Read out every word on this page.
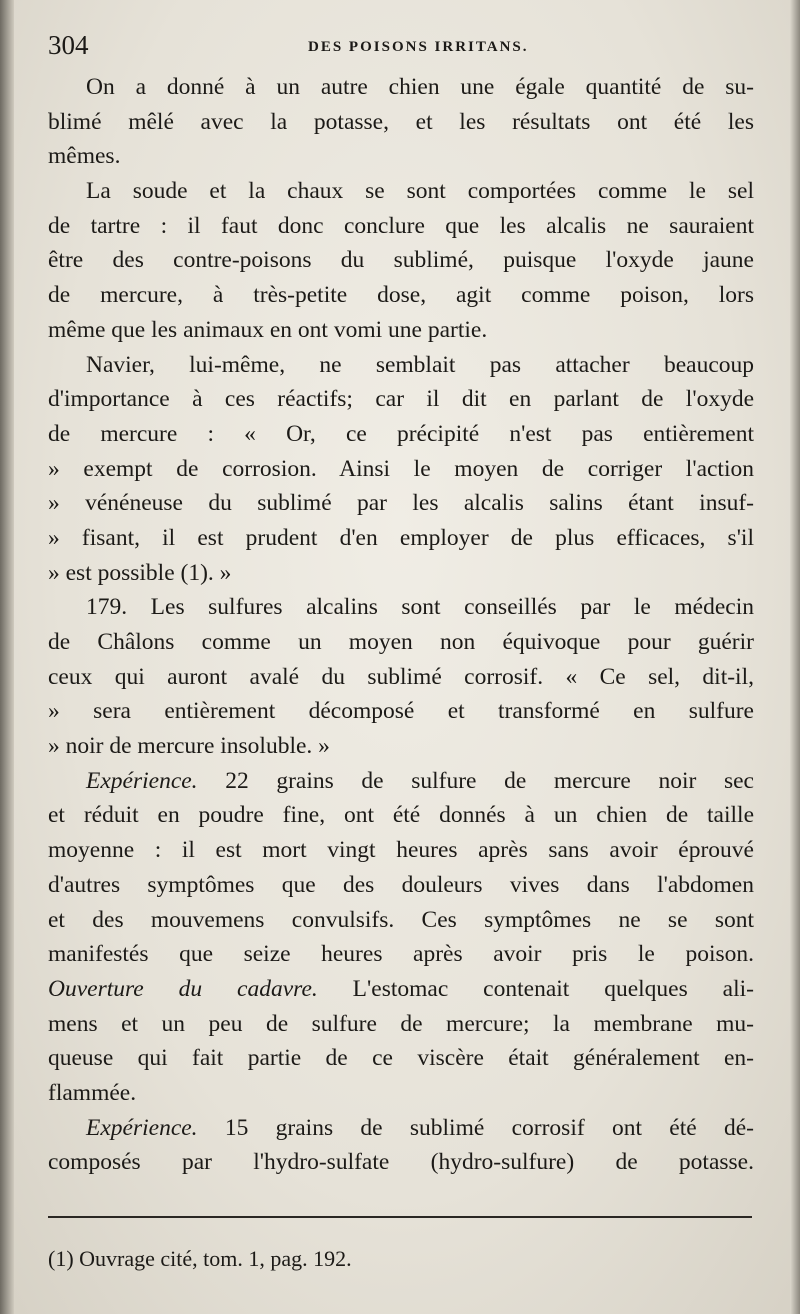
304	DES POISONS IRRITANS.
On a donné à un autre chien une égale quantité de su-
blimé mêlé avec la potasse, et les résultats ont été les
mêmes.
La soude et la chaux se sont comportées comme le sel
de tartre : il faut donc conclure que les alcalis ne sauraient
être des contre-poisons du sublimé, puisque l'oxyde jaune
de mercure, à très-petite dose, agit comme poison, lors
même que les animaux en ont vomi une partie.
Navier, lui-même, ne semblait pas attacher beaucoup
d'importance à ces réactifs; car il dit en parlant de l'oxyde
de mercure : « Or, ce précipité n'est pas entièrement
» exempt de corrosion. Ainsi le moyen de corriger l'action
» vénéneuse du sublimé par les alcalis salins étant insuf-
» fisant, il est prudent d'en employer de plus efficaces, s'il
» est possible (1). »
179. Les sulfures alcalins sont conseillés par le médecin
de Châlons comme un moyen non équivoque pour guérir
ceux qui auront avalé du sublimé corrosif. « Ce sel, dit-il,
» sera entièrement décomposé et transformé en sulfure
» noir de mercure insoluble. »
Expérience. 22 grains de sulfure de mercure noir sec
et réduit en poudre fine, ont été donnés à un chien de taille
moyenne : il est mort vingt heures après sans avoir éprouvé
d'autres symptômes que des douleurs vives dans l'abdomen
et des mouvemens convulsifs. Ces symptômes ne se sont
manifestés que seize heures après avoir pris le poison.
Ouverture du cadavre. L'estomac contenait quelques ali-
mens et un peu de sulfure de mercure; la membrane mu-
queuse qui fait partie de ce viscère était généralement en-
flammée.
Expérience. 15 grains de sublimé corrosif ont été dé-
composés par l'hydro-sulfate (hydro-sulfure) de potasse.
(1) Ouvrage cité, tom. 1, pag. 192.
